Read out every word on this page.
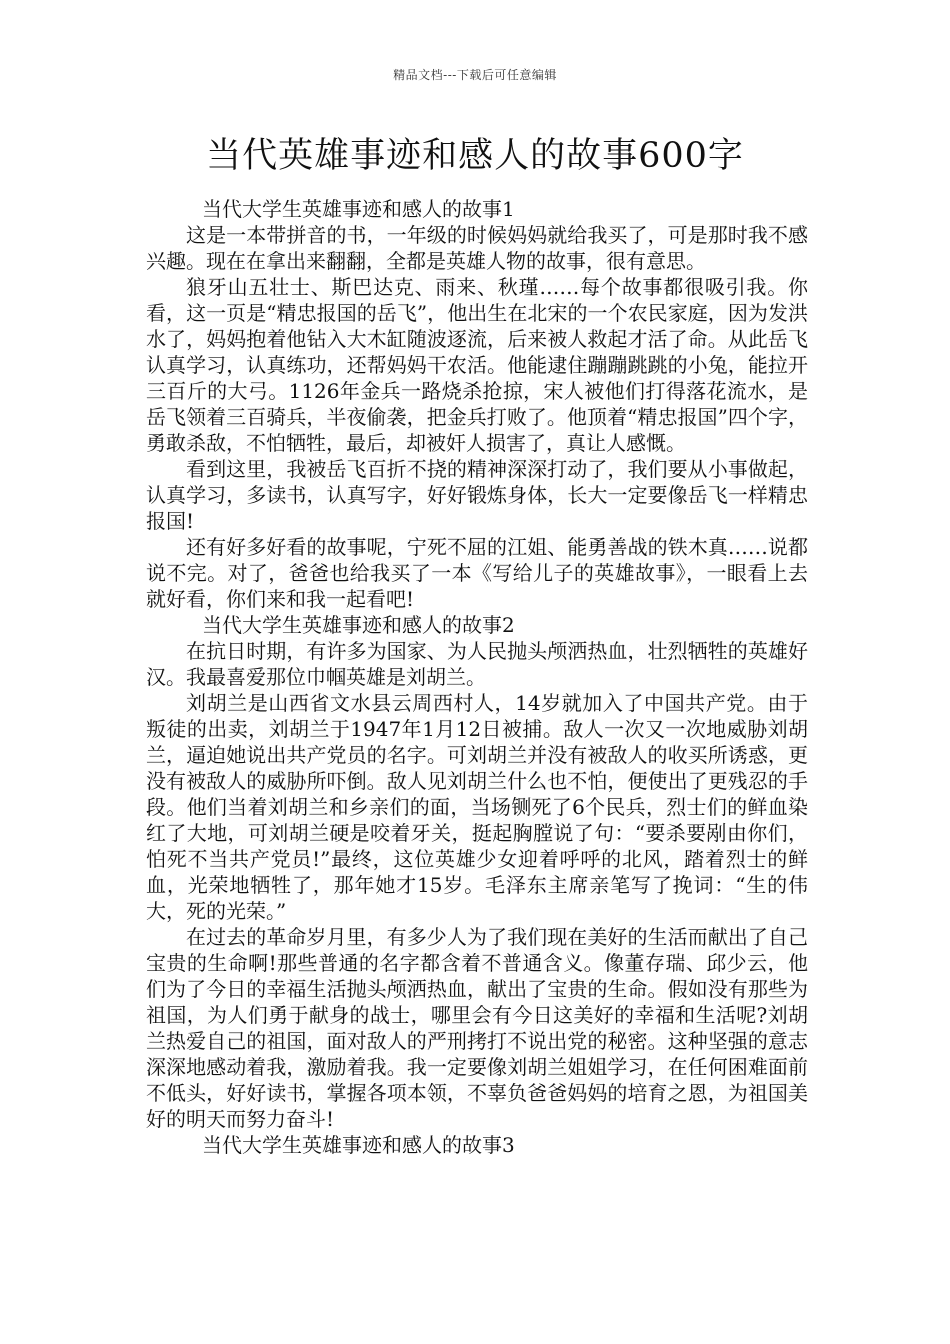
精品文档---下载后可任意编辑
当代英雄事迹和感人的故事600字

当代大学生英雄事迹和感人的故事1

这是一本带拼音的书，一年级的时候妈妈就给我买了，可是那时我不感兴趣。现在在拿出来翻翻，全都是英雄人物的故事，很有意思。

狼牙山五壮士、斯巴达克、雨来、秋瑾……每个故事都很吸引我。你看，这一页是“精忠报国的岳飞”，他出生在北宋的一个农民家庭，因为发洪水了，妈妈抱着他钻入大木缸随波逐流，后来被人救起才活了命。从此岳飞认真学习，认真练功，还帮妈妈干农活。他能逮住蹦蹦跳跳的小兔，能拉开三百斤的大弓。1126年金兵一路烧杀抢掠，宋人被他们打得落花流水，是岳飞领着三百骑兵，半夜偷袭，把金兵打败了。他顶着“精忠报国”四个字，勇敢杀敌，不怕牺牲，最后，却被奸人损害了，真让人感慨。

看到这里，我被岳飞百折不挠的精神深深打动了，我们要从小事做起，认真学习，多读书，认真写字，好好锻炼身体，长大一定要像岳飞一样精忠报国!

还有好多好看的故事呢，宁死不屈的江姐、能勇善战的铁木真……说都说不完。对了，爸爸也给我买了一本《写给儿子的英雄故事》，一眼看上去就好看，你们来和我一起看吧!

当代大学生英雄事迹和感人的故事2

在抗日时期，有许多为国家、为人民抛头颅洒热血，壮烈牺牲的英雄好汉。我最喜爱那位巾帼英雄是刘胡兰。

刘胡兰是山西省文水县云周西村人，14岁就加入了中国共产党。由于叛徒的出卖，刘胡兰于1947年1月12日被捕。敌人一次又一次地威胁刘胡兰，逼迫她说出共产党员的名字。可刘胡兰并没有被敌人的收买所诱惑，更没有被敌人的威胁所吓倒。敌人见刘胡兰什么也不怕，便使出了更残忍的手段。他们当着刘胡兰和乡亲们的面，当场铡死了6个民兵，烈士们的鲜血染红了大地，可刘胡兰硬是咬着牙关，挺起胸膛说了句：“要杀要剐由你们，怕死不当共产党员!”最终，这位英雄少女迎着呼呼的北风，踏着烈士的鲜血，光荣地牺牲了，那年她才15岁。毛泽东主席亲笔写了挽词：“生的伟大，死的光荣。”

在过去的革命岁月里，有多少人为了我们现在美好的生活而献出了自己宝贵的生命啊!那些普通的名字都含着不普通含义。像董存瑞、邱少云，他们为了今日的幸福生活抛头颅洒热血，献出了宝贵的生命。假如没有那些为祖国，为人们勇于献身的战士，哪里会有今日这美好的幸福和生活呢?刘胡兰热爱自己的祖国，面对敌人的严刑拷打不说出党的秘密。这种坚强的意志深深地感动着我，激励着我。我一定要像刘胡兰姐姐学习，在任何困难面前不低头，好好读书，掌握各项本领，不辜负爸爸妈妈的培育之恩，为祖国美好的明天而努力奋斗!

当代大学生英雄事迹和感人的故事3
